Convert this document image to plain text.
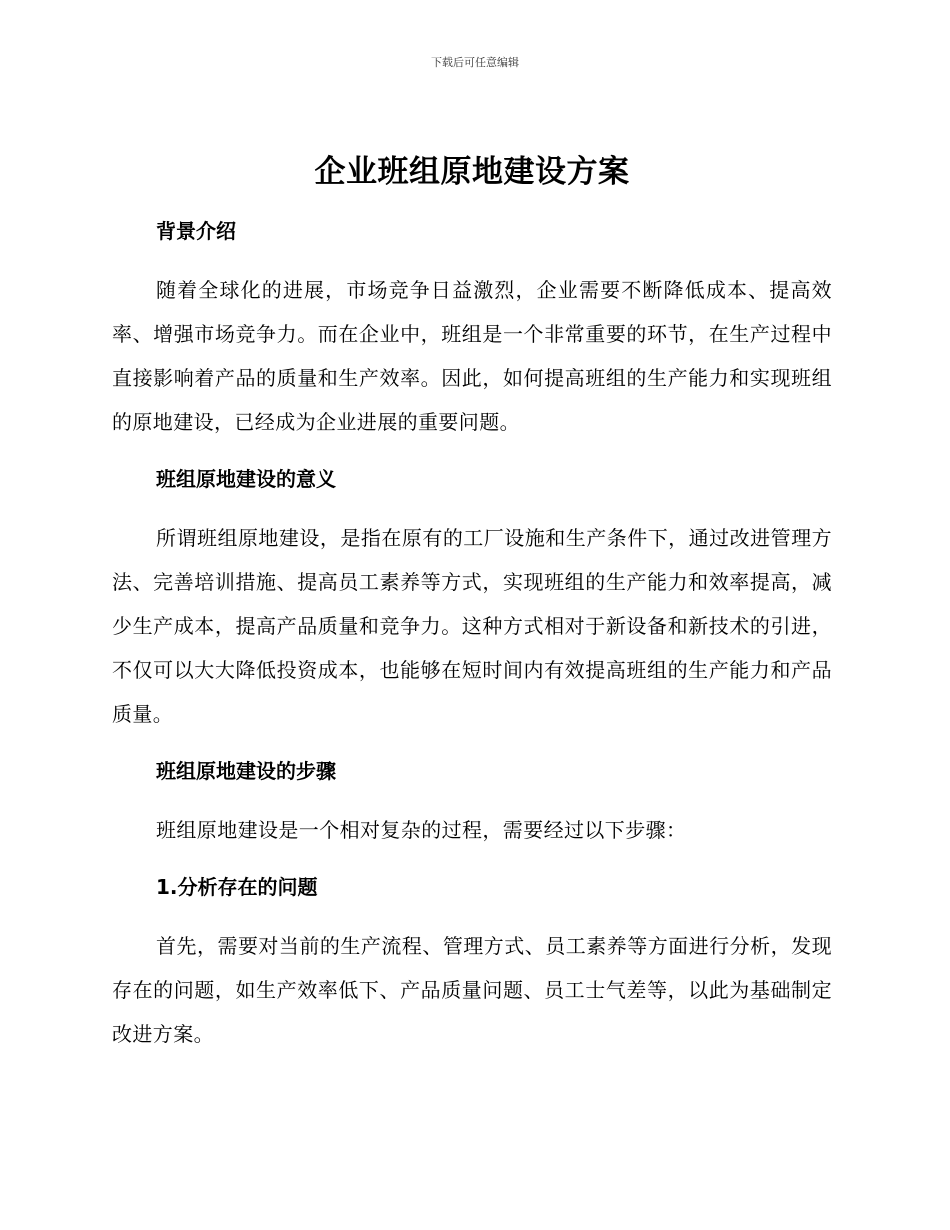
下载后可任意编辑
企业班组原地建设方案
背景介绍

随着全球化的进展，市场竞争日益激烈，企业需要不断降低成本、提高效率、增强市场竞争力。而在企业中，班组是一个非常重要的环节，在生产过程中直接影响着产品的质量和生产效率。因此，如何提高班组的生产能力和实现班组的原地建设，已经成为企业进展的重要问题。

班组原地建设的意义

所谓班组原地建设，是指在原有的工厂设施和生产条件下，通过改进管理方法、完善培训措施、提高员工素养等方式，实现班组的生产能力和效率提高，减少生产成本，提高产品质量和竞争力。这种方式相对于新设备和新技术的引进，不仅可以大大降低投资成本，也能够在短时间内有效提高班组的生产能力和产品质量。

班组原地建设的步骤

班组原地建设是一个相对复杂的过程，需要经过以下步骤：

1.分析存在的问题

首先，需要对当前的生产流程、管理方式、员工素养等方面进行分析，发现存在的问题，如生产效率低下、产品质量问题、员工士气差等，以此为基础制定改进方案。
